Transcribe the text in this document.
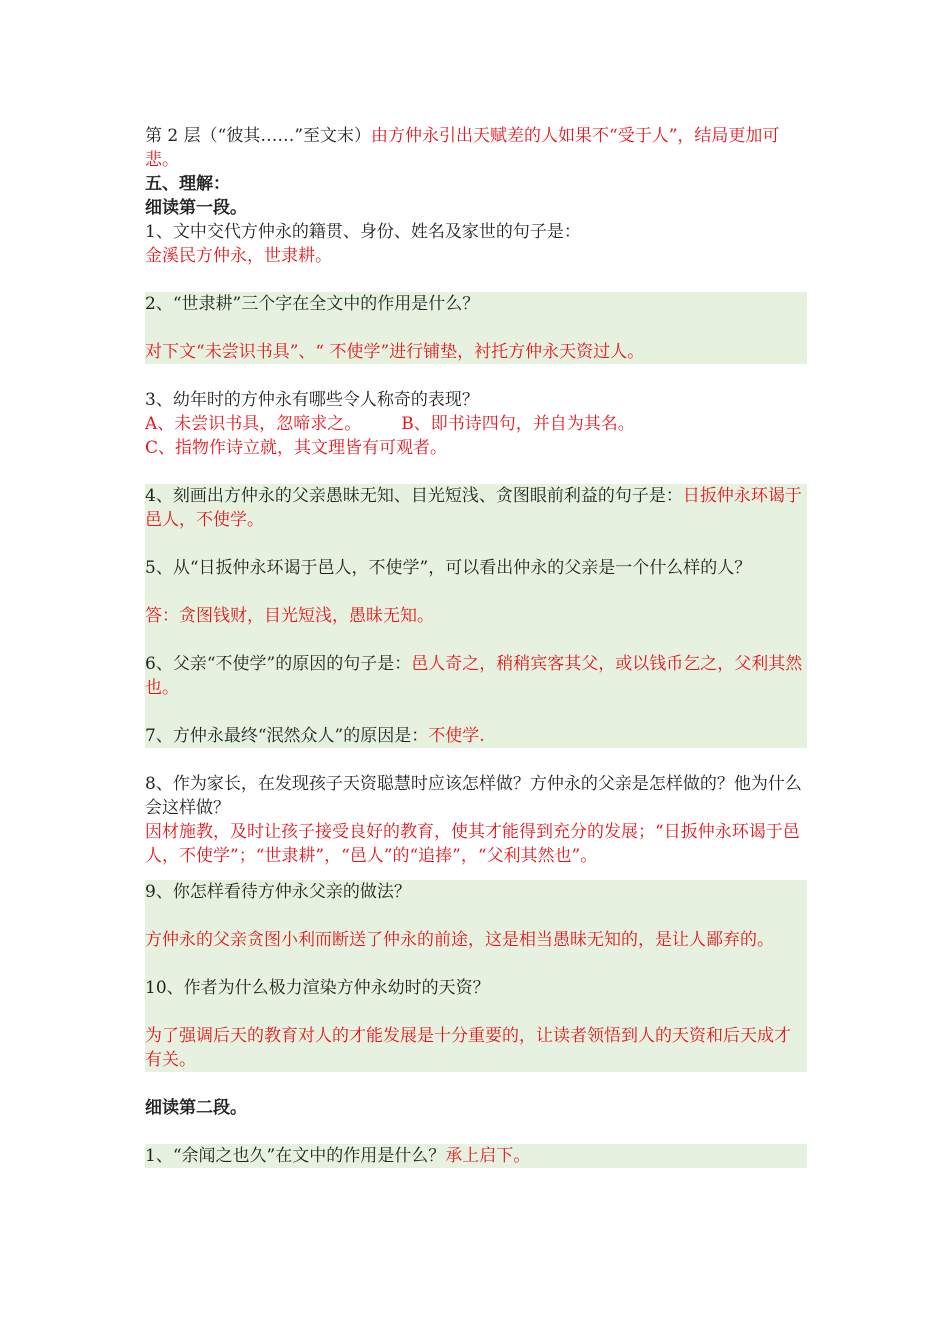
第 2 层（“彼其……”至文末）由方仲永引出天赋差的人如果不“受于人”，结局更加可悲。

五、理解：

细读第一段。

1、文中交代方仲永的籍贯、身份、姓名及家世的句子是：

金溪民方仲永，世隶耕。

2、“世隶耕”三个字在全文中的作用是什么？

对下文“未尝识书具”、“ 不使学”进行铺垫，衬托方仲永天资过人。

3、幼年时的方仲永有哪些令人称奇的表现？

A、未尝识书具，忽啼求之。 B、即书诗四句，并自为其名。

C、指物作诗立就，其文理皆有可观者。

4、刻画出方仲永的父亲愚昧无知、目光短浅、贪图眼前利益的句子是：日扳仲永环谒于邑人，不使学。

5、从“日扳仲永环谒于邑人，不使学”，可以看出仲永的父亲是一个什么样的人？

答：贪图钱财，目光短浅，愚昧无知。

6、父亲“不使学”的原因的句子是：邑人奇之，稍稍宾客其父，或以钱币乞之，父利其然也。

7、方仲永最终“泯然众人”的原因是：不使学.

8、作为家长，在发现孩子天资聪慧时应该怎样做？方仲永的父亲是怎样做的？他为什么会这样做？

因材施教，及时让孩子接受良好的教育，使其才能得到充分的发展；“日扳仲永环谒于邑人，不使学”；“世隶耕”，“邑人”的“追捧”，“父利其然也”。

9、你怎样看待方仲永父亲的做法？

方仲永的父亲贪图小利而断送了仲永的前途，这是相当愚昧无知的，是让人鄙弃的。

10、作者为什么极力渲染方仲永幼时的天资？

为了强调后天的教育对人的才能发展是十分重要的，让读者领悟到人的天资和后天成才有关。

细读第二段。

1、“余闻之也久”在文中的作用是什么？承上启下。
